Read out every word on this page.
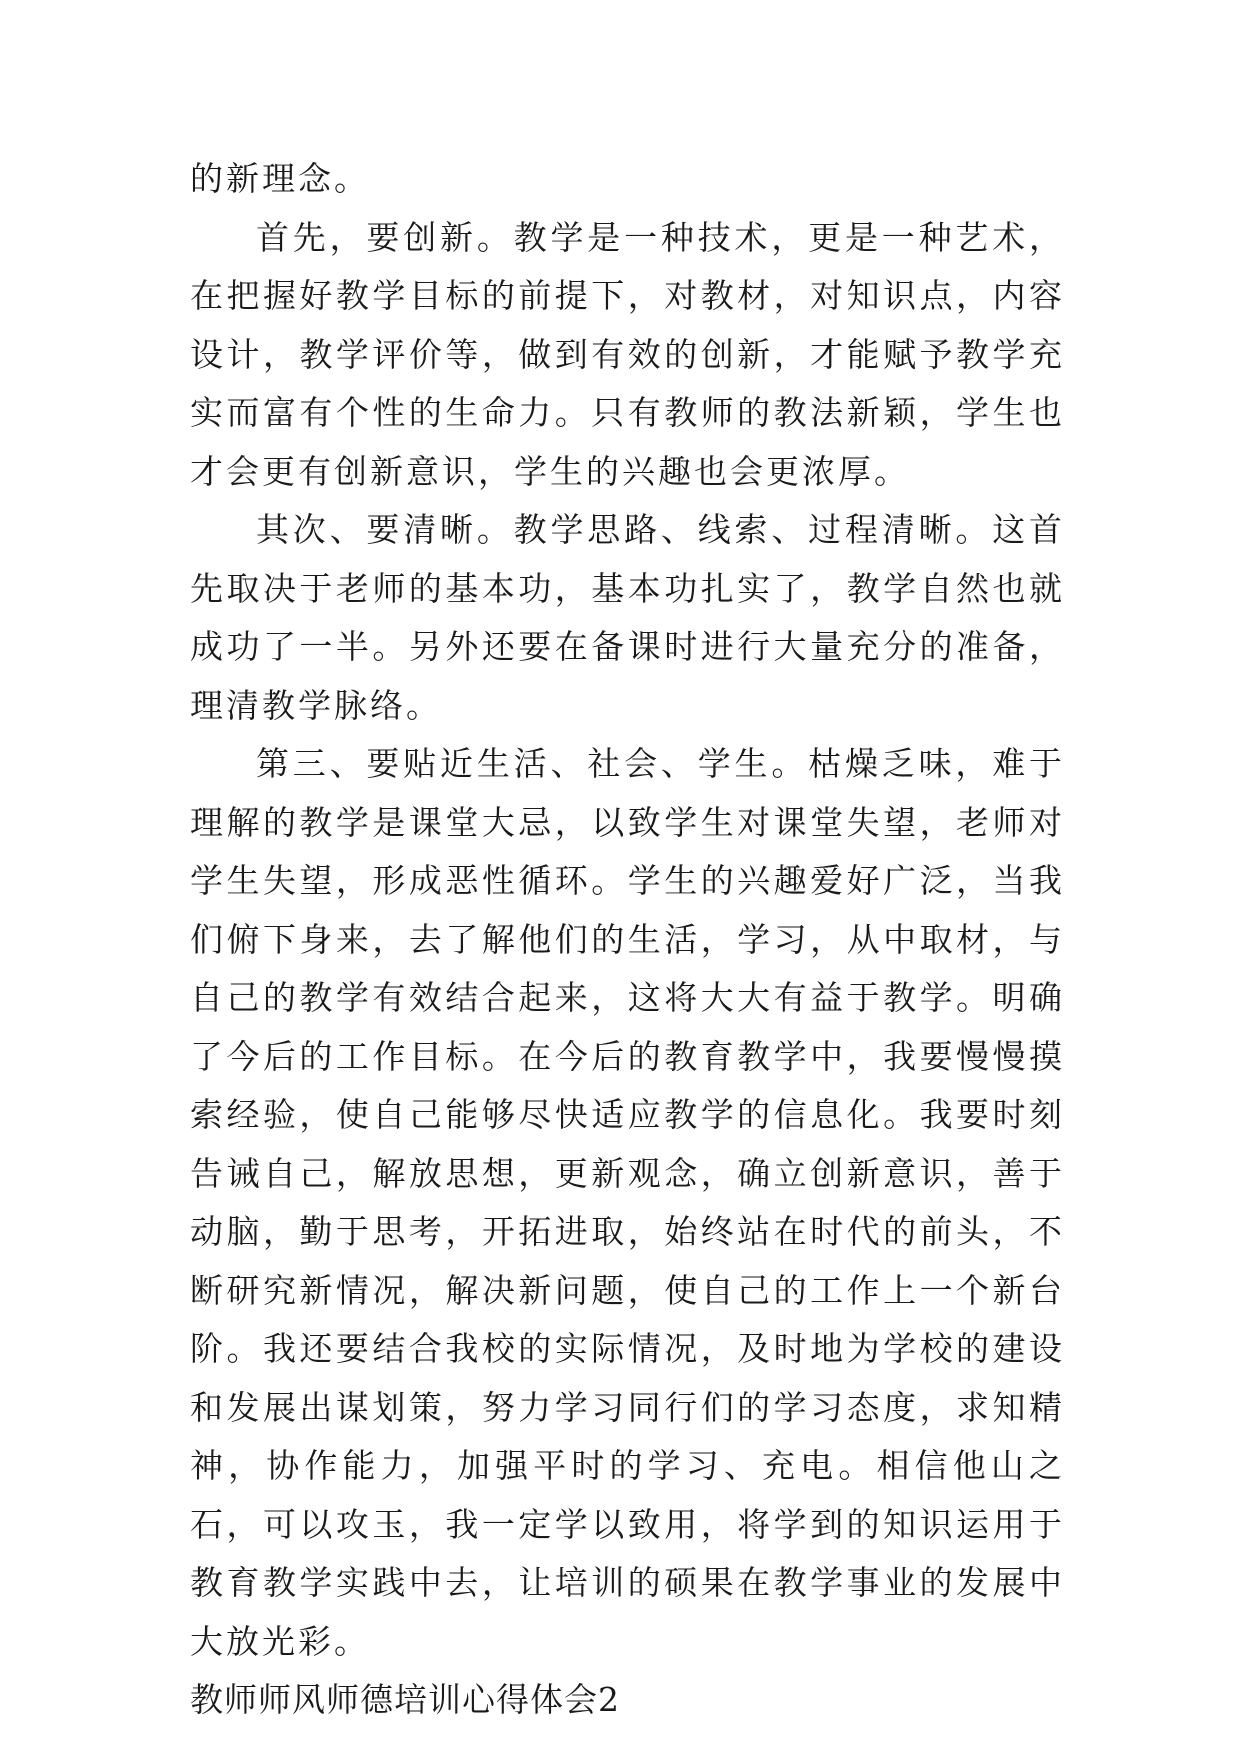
的新理念。

首先，要创新。教学是一种技术，更是一种艺术，在把握好教学目标的前提下，对教材，对知识点，内容设计，教学评价等，做到有效的创新，才能赋予教学充实而富有个性的生命力。只有教师的教法新颖，学生也才会更有创新意识，学生的兴趣也会更浓厚。

其次、要清晰。教学思路、线索、过程清晰。这首先取决于老师的基本功，基本功扎实了，教学自然也就成功了一半。另外还要在备课时进行大量充分的准备，理清教学脉络。

第三、要贴近生活、社会、学生。枯燥乏味，难于理解的教学是课堂大忌，以致学生对课堂失望，老师对学生失望，形成恶性循环。学生的兴趣爱好广泛，当我们俯下身来，去了解他们的生活，学习，从中取材，与自己的教学有效结合起来，这将大大有益于教学。明确了今后的工作目标。在今后的教育教学中，我要慢慢摸索经验，使自己能够尽快适应教学的信息化。我要时刻告诫自己，解放思想，更新观念，确立创新意识，善于动脑，勤于思考，开拓进取，始终站在时代的前头，不断研究新情况，解决新问题，使自己的工作上一个新台阶。我还要结合我校的实际情况，及时地为学校的建设和发展出谋划策，努力学习同行们的学习态度，求知精神，协作能力，加强平时的学习、充电。相信他山之石，可以攻玉，我一定学以致用，将学到的知识运用于教育教学实践中去，让培训的硕果在教学事业的发展中大放光彩。

教师师风师德培训心得体会2
